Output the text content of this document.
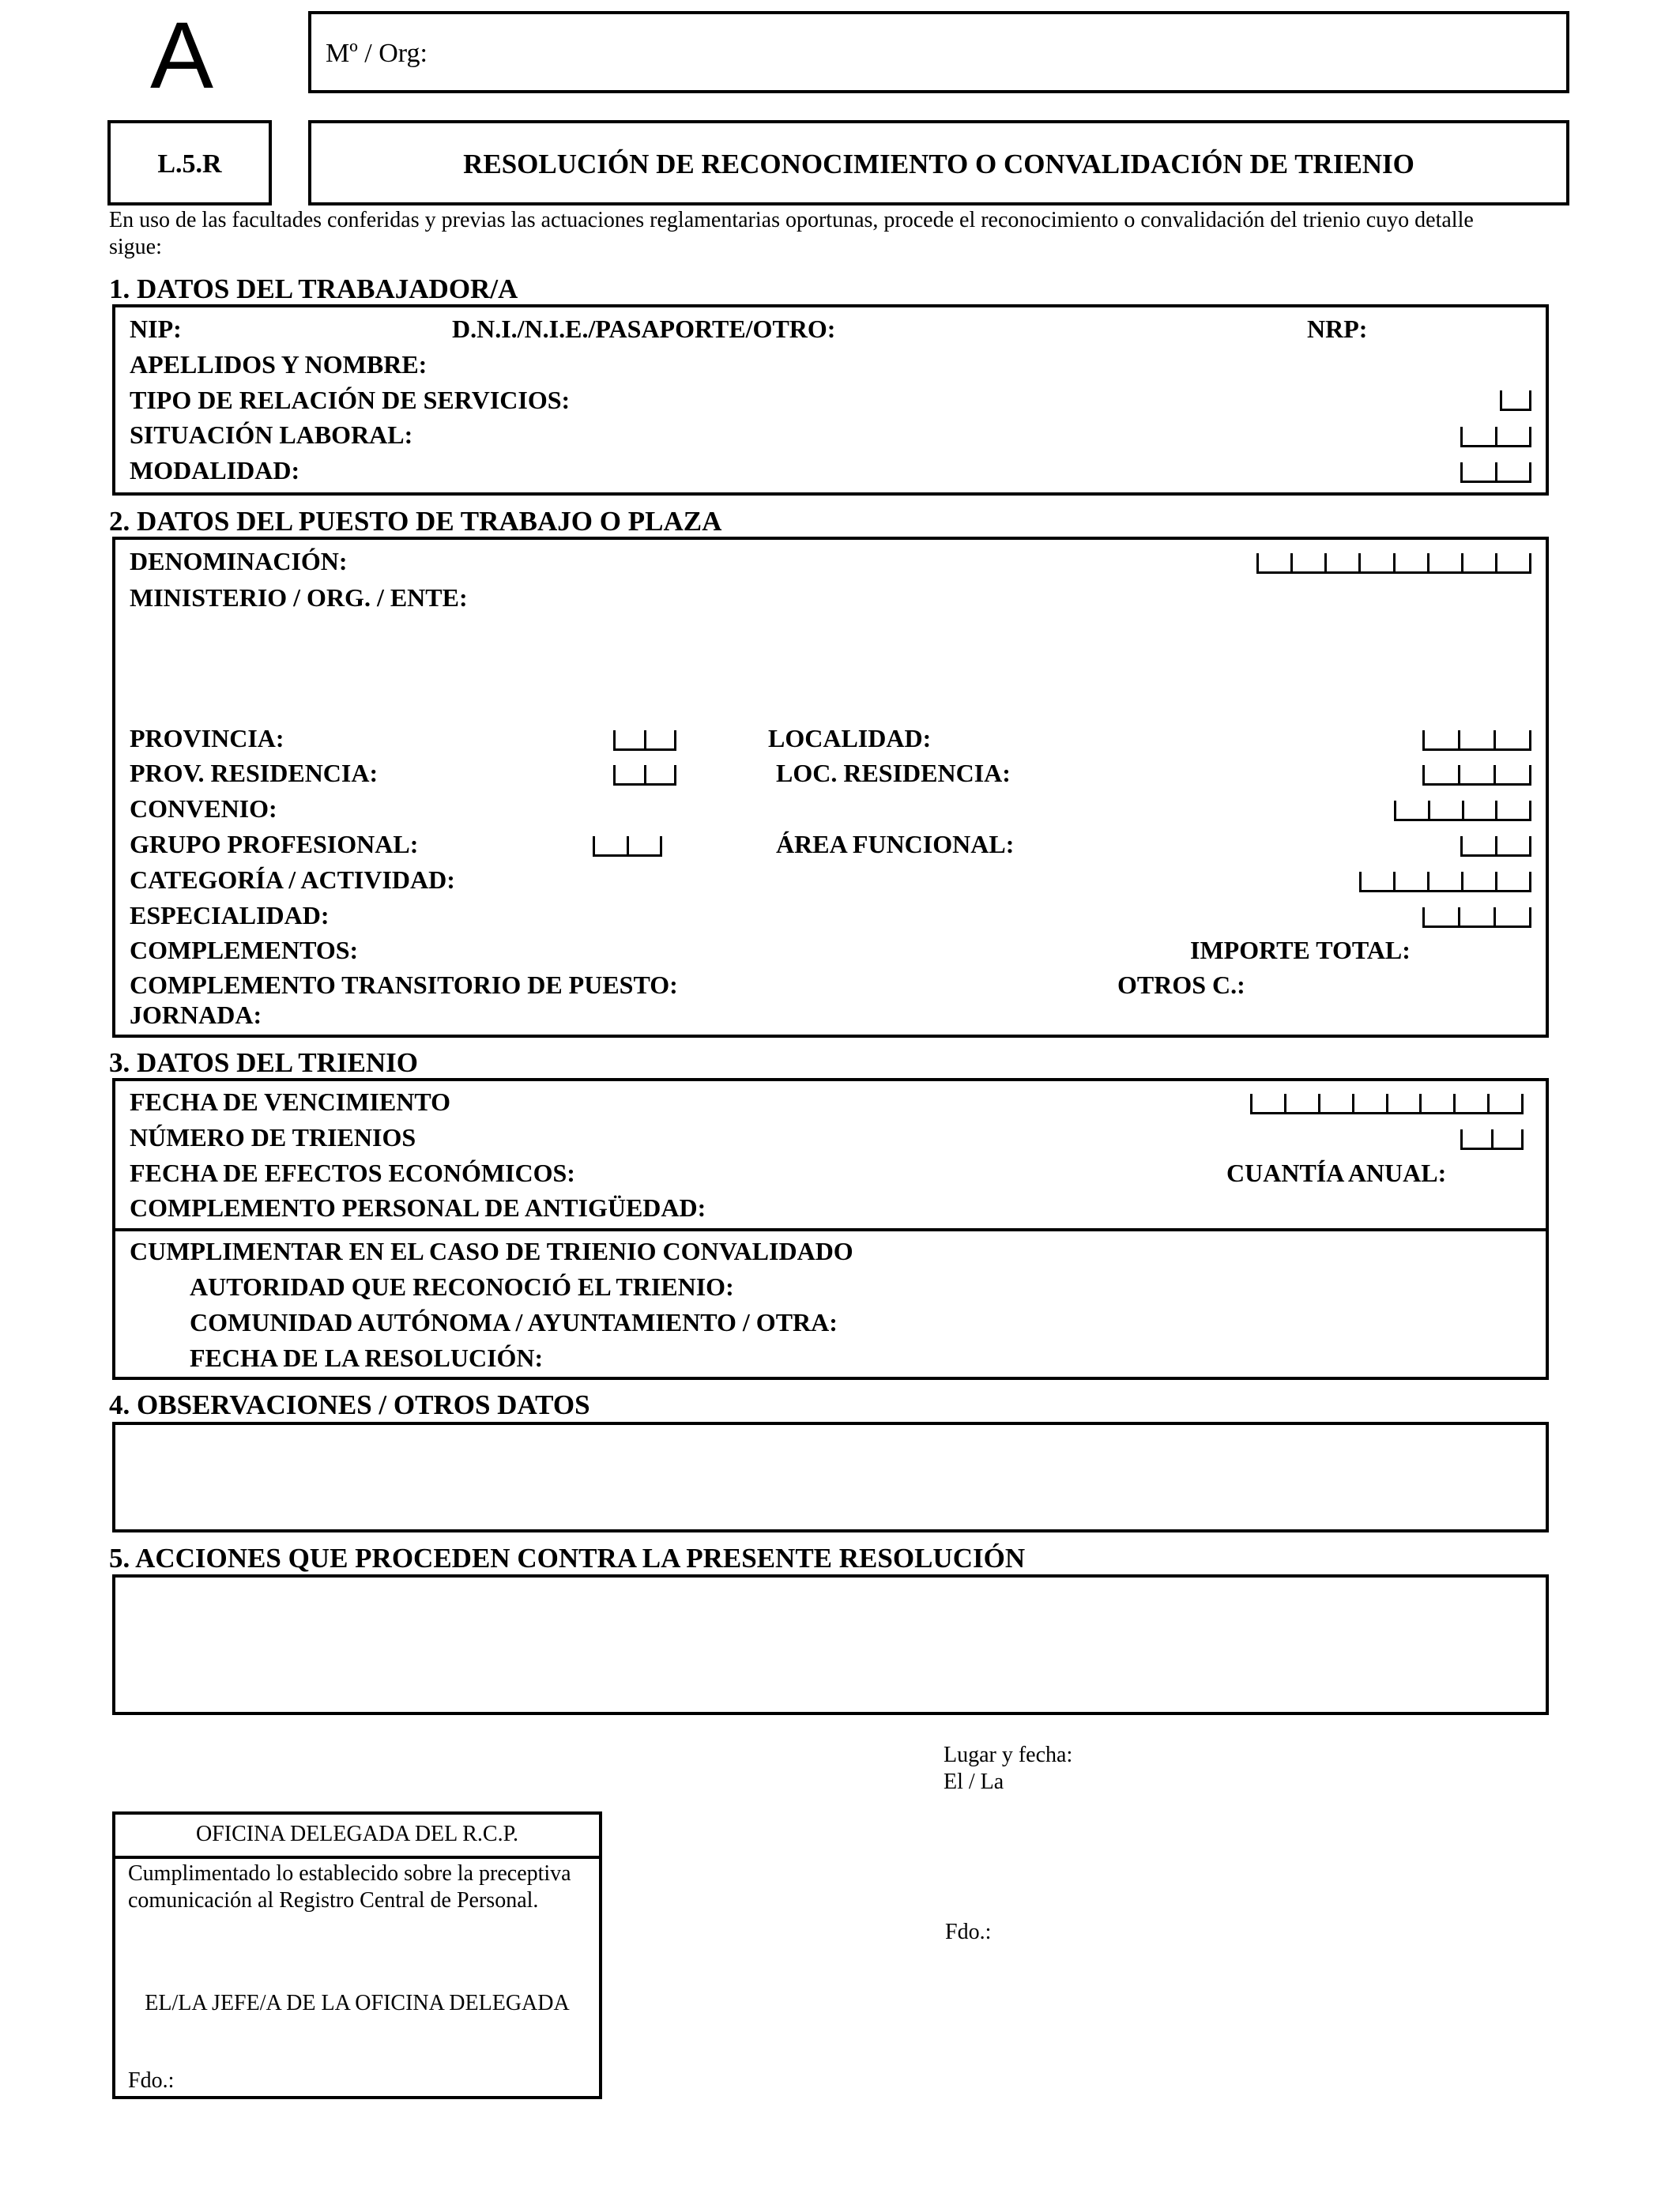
A	Mº / Org:
L.5.R	RESOLUCIÓN DE RECONOCIMIENTO O CONVALIDACIÓN DE TRIENIO
En uso de las facultades conferidas y previas las actuaciones reglamentarias oportunas, procede el reconocimiento o convalidación del trienio cuyo detalle sigue:
1. DATOS DEL TRABAJADOR/A
NIP:	D.N.I./N.I.E./PASAPORTE/OTRO:	NRP:
APELLIDOS Y NOMBRE:
TIPO DE RELACIÓN DE SERVICIOS:
SITUACIÓN LABORAL:
MODALIDAD:
2. DATOS DEL PUESTO DE TRABAJO O PLAZA
DENOMINACIÓN:
MINISTERIO / ORG. / ENTE:
PROVINCIA:	LOCALIDAD:
PROV. RESIDENCIA:	LOC. RESIDENCIA:
CONVENIO:
GRUPO PROFESIONAL:	ÁREA FUNCIONAL:
CATEGORÍA / ACTIVIDAD:
ESPECIALIDAD:
COMPLEMENTOS:	IMPORTE TOTAL:
COMPLEMENTO TRANSITORIO DE PUESTO:	OTROS C.:
JORNADA:
3. DATOS DEL TRIENIO
FECHA DE VENCIMIENTO
NÚMERO DE TRIENIOS
FECHA DE EFECTOS ECONÓMICOS:	CUANTÍA ANUAL:
COMPLEMENTO PERSONAL DE ANTIGÜEDAD:
CUMPLIMENTAR EN EL CASO DE TRIENIO CONVALIDADO
AUTORIDAD QUE RECONOCIÓ EL TRIENIO:
COMUNIDAD AUTÓNOMA / AYUNTAMIENTO / OTRA:
FECHA DE LA RESOLUCIÓN:
4. OBSERVACIONES / OTROS DATOS
5. ACCIONES QUE PROCEDEN CONTRA LA PRESENTE RESOLUCIÓN
Lugar y fecha:
El / La
Fdo.:
OFICINA DELEGADA DEL R.C.P.
Cumplimentado lo establecido sobre la preceptiva comunicación al Registro Central de Personal.
EL/LA JEFE/A DE LA OFICINA DELEGADA
Fdo.:
